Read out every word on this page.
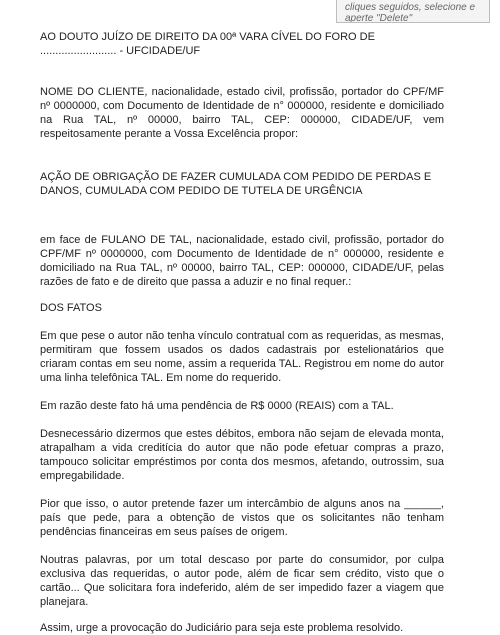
cliques seguidos, selecione e aperte "Delete"

AO DOUTO JUÍZO DE DIREITO DA 00ª VARA CÍVEL DO FORO DE ......................... - UFCIDADE/UF

NOME DO CLIENTE, nacionalidade, estado civil, profissão, portador do CPF/MF nº 0000000, com Documento de Identidade de n° 000000, residente e domiciliado na Rua TAL, nº 00000, bairro TAL, CEP: 000000, CIDADE/UF, vem respeitosamente perante a Vossa Excelência propor:

AÇÃO DE OBRIGAÇÃO DE FAZER CUMULADA COM PEDIDO DE PERDAS E DANOS, CUMULADA COM PEDIDO DE TUTELA DE URGÊNCIA

em face de FULANO DE TAL, nacionalidade, estado civil, profissão, portador do CPF/MF nº 0000000, com Documento de Identidade de n° 000000, residente e domiciliado na Rua TAL, nº 00000, bairro TAL, CEP: 000000, CIDADE/UF, pelas razões de fato e de direito que passa a aduzir e no final requer.:

DOS FATOS

Em que pese o autor não tenha vínculo contratual com as requeridas, as mesmas, permitiram que fossem usados os dados cadastrais por estelionatários que criaram contas em seu nome, assim a requerida TAL. Registrou em nome do autor uma linha telefônica TAL. Em nome do requerido.

Em razão deste fato há uma pendência de R$ 0000 (REAIS) com a TAL.

Desnecessário dizermos que estes débitos, embora não sejam de elevada monta, atrapalham a vida creditícia do autor que não pode efetuar compras a prazo, tampouco solicitar empréstimos por conta dos mesmos, afetando, outrossim, sua empregabilidade.

Pior que isso, o autor pretende fazer um intercâmbio de alguns anos na ______, país que pede, para a obtenção de vistos que os solicitantes não tenham pendências financeiras em seus países de origem.

Noutras palavras, por um total descaso por parte do consumidor, por culpa exclusiva das requeridas, o autor pode, além de ficar sem crédito, visto que o cartão... Que solicitara fora indeferido, além de ser impedido fazer a viagem que planejara.

Assim, urge a provocação do Judiciário para seja este problema resolvido.
